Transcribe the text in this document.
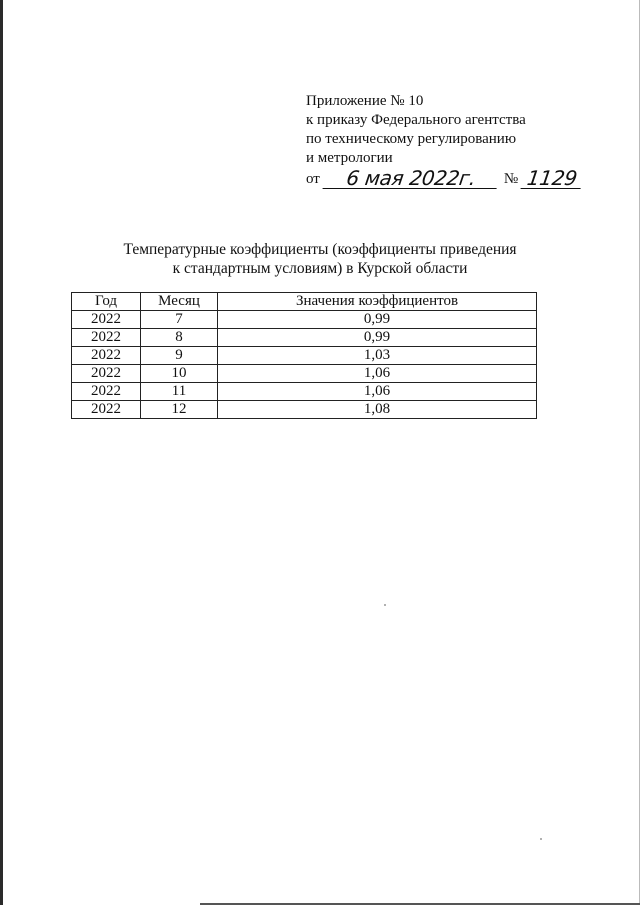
Приложение № 10
к приказу Федерального агентства
по техническому регулированию
и метрологии
от	6 мая 2022г.	№ 1129
Температурные коэффициенты (коэффициенты приведения
к стандартным условиям) в Курской области
Год	Месяц	Значения коэффициентов
2022	7	0,99
2022	8	0,99
2022	9	1,03
2022	10	1,06
2022	11	1,06
2022	12	1,08
